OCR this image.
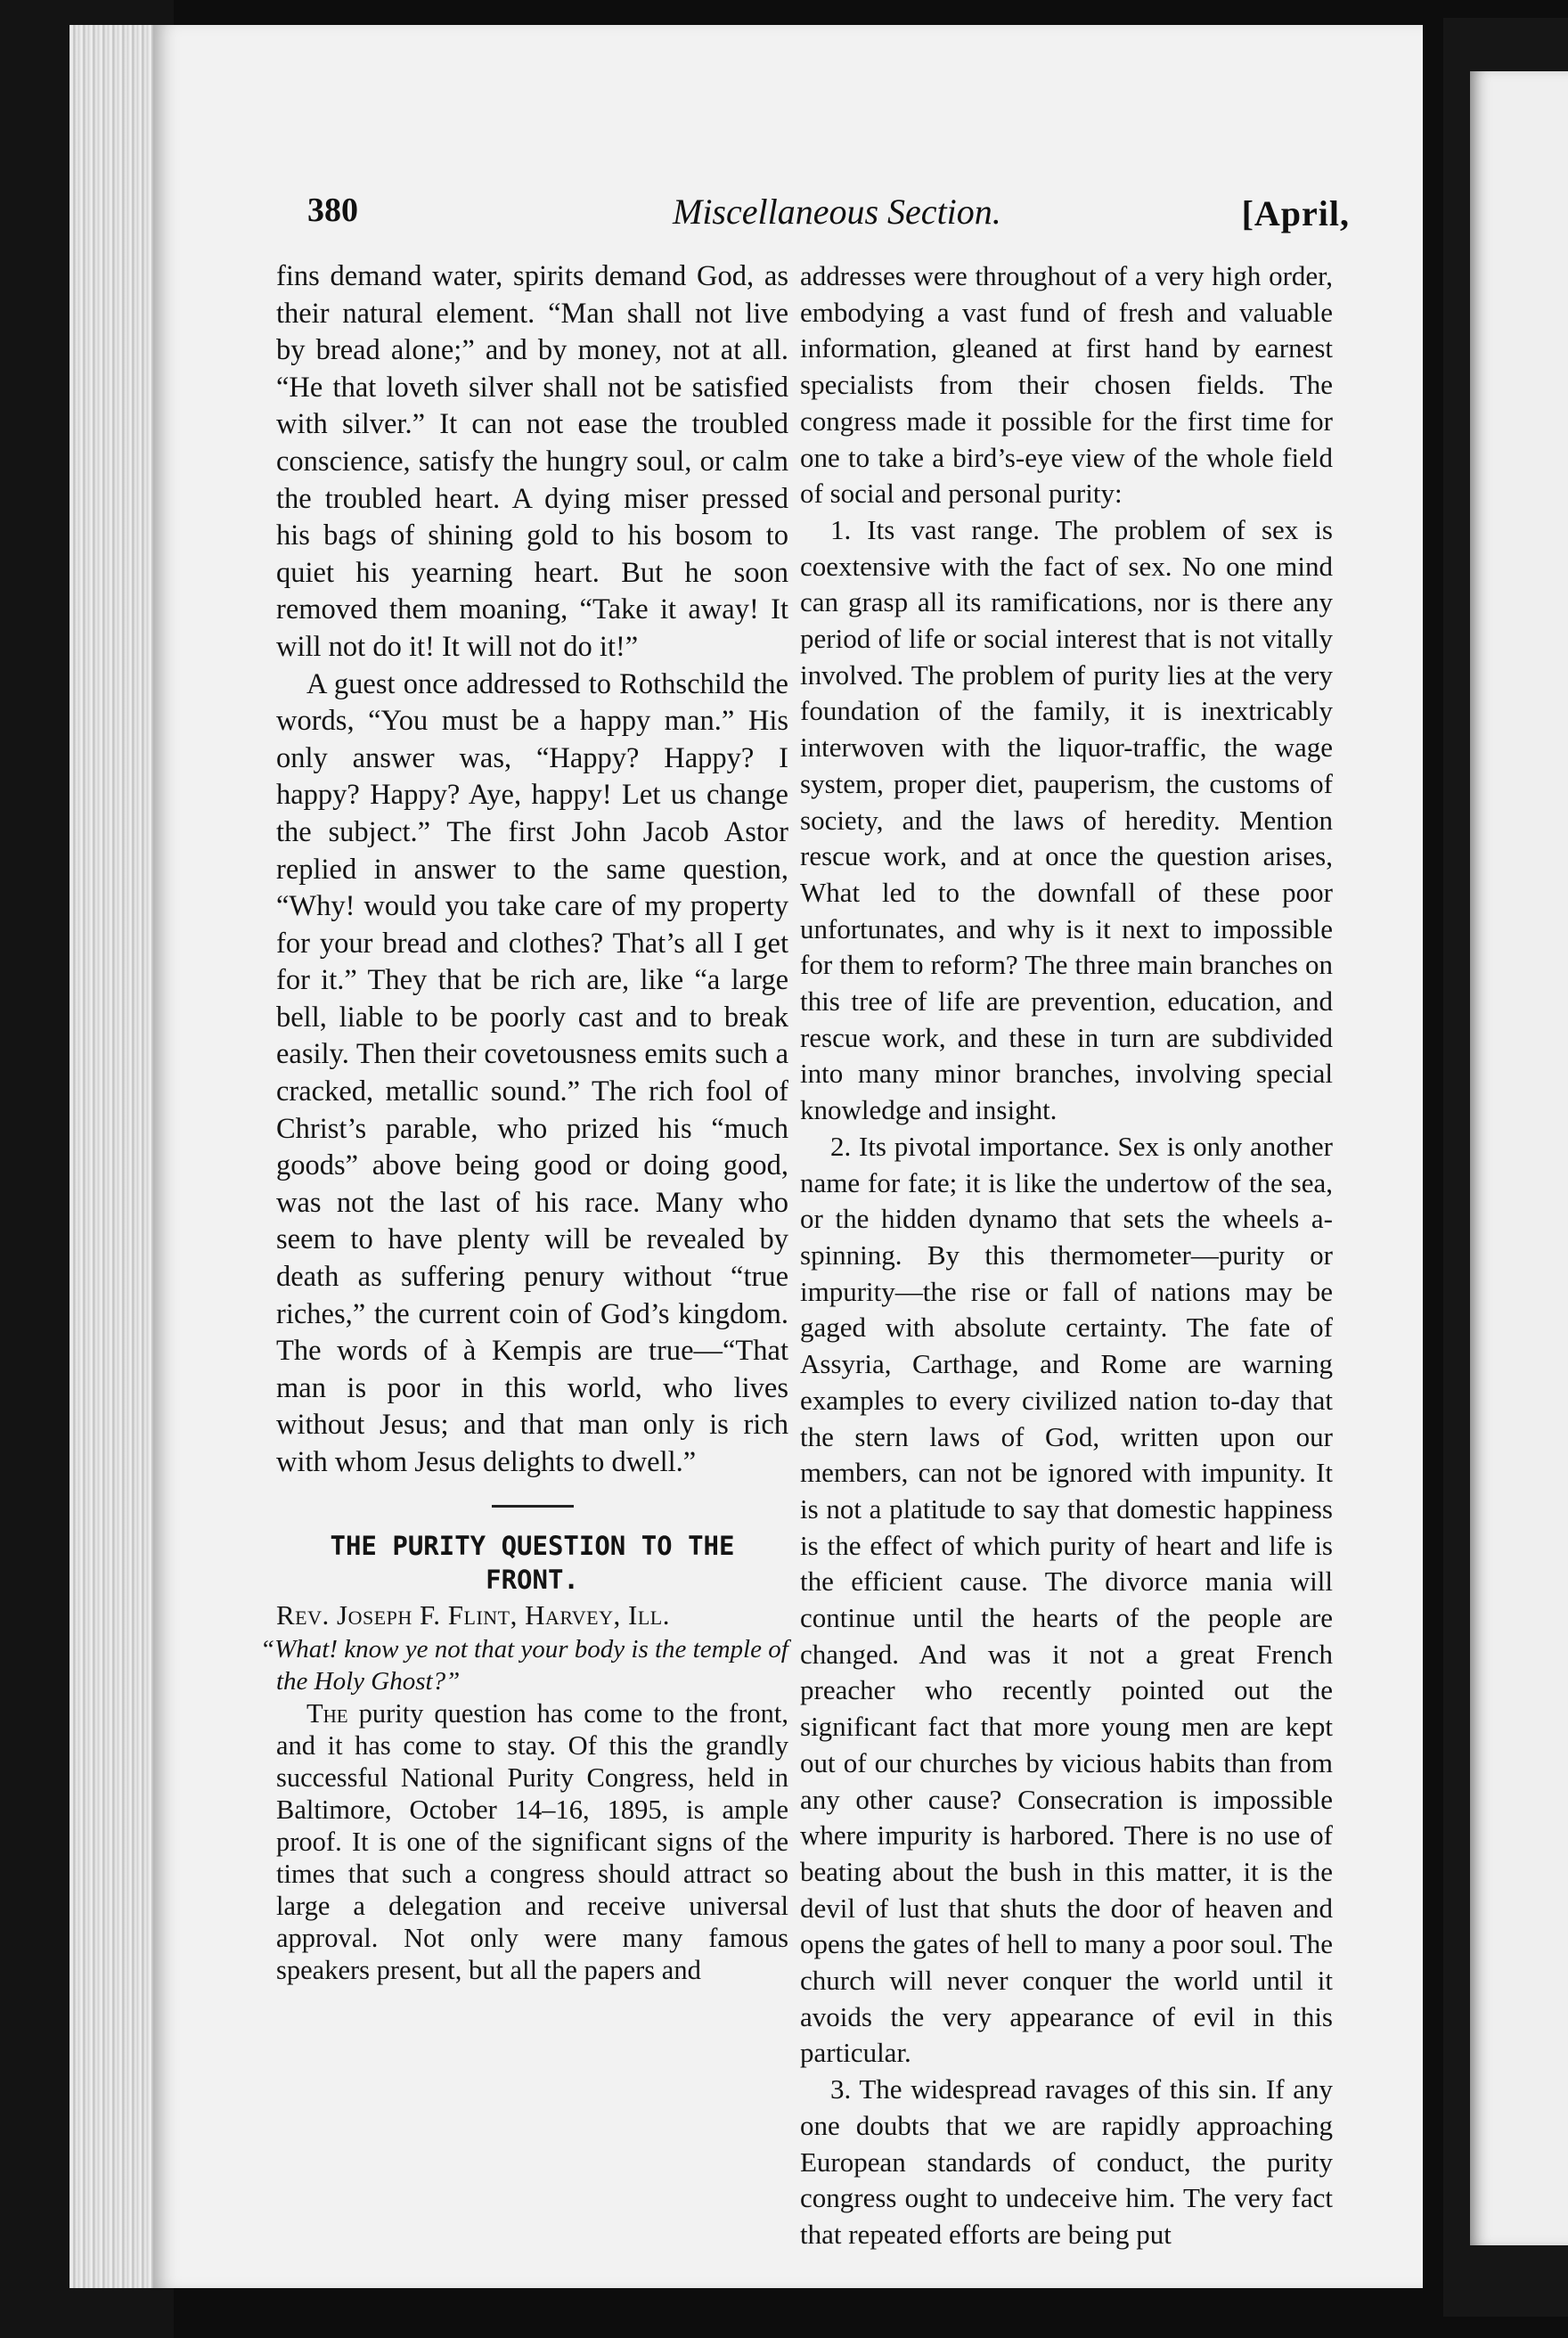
380	Miscellaneous Section.	[April,

fins demand water, spirits demand God, as their natural element. “Man shall not live by bread alone;” and by money, not at all. “He that loveth silver shall not be satisfied with silver.” It can not ease the troubled conscience, satisfy the hungry soul, or calm the troubled heart. A dying miser pressed his bags of shining gold to his bosom to quiet his yearning heart. But he soon removed them moaning, “Take it away! It will not do it! It will not do it!”

A guest once addressed to Rothschild the words, “You must be a happy man.” His only answer was, “Happy? Happy? I happy? Happy? Aye, happy! Let us change the subject.” The first John Jacob Astor replied in answer to the same question, “Why! would you take care of my property for your bread and clothes? That’s all I get for it.” They that be rich are, like “a large bell, liable to be poorly cast and to break easily. Then their covetousness emits such a cracked, metallic sound.” The rich fool of Christ’s parable, who prized his “much goods” above being good or doing good, was not the last of his race. Many who seem to have plenty will be revealed by death as suffering penury without “true riches,” the current coin of God’s kingdom. The words of à Kempis are true—“That man is poor in this world, who lives without Jesus; and that man only is rich with whom Jesus delights to dwell.”

THE PURITY QUESTION TO THE FRONT.

Rev. Joseph F. Flint, Harvey, Ill.

“What! know ye not that your body is the temple of the Holy Ghost?”

The purity question has come to the front, and it has come to stay. Of this the grandly successful National Purity Congress, held in Baltimore, October 14–16, 1895, is ample proof. It is one of the significant signs of the times that such a congress should attract so large a delegation and receive universal approval. Not only were many famous speakers present, but all the papers and

addresses were throughout of a very high order, embodying a vast fund of fresh and valuable information, gleaned at first hand by earnest specialists from their chosen fields. The congress made it possible for the first time for one to take a bird’s-eye view of the whole field of social and personal purity:

1. Its vast range. The problem of sex is coextensive with the fact of sex. No one mind can grasp all its ramifications, nor is there any period of life or social interest that is not vitally involved. The problem of purity lies at the very foundation of the family, it is inextricably interwoven with the liquor-traffic, the wage system, proper diet, pauperism, the customs of society, and the laws of heredity. Mention rescue work, and at once the question arises, What led to the downfall of these poor unfortunates, and why is it next to impossible for them to reform? The three main branches on this tree of life are prevention, education, and rescue work, and these in turn are subdivided into many minor branches, involving special knowledge and insight.

2. Its pivotal importance. Sex is only another name for fate; it is like the undertow of the sea, or the hidden dynamo that sets the wheels a-spinning. By this thermometer—purity or impurity—the rise or fall of nations may be gaged with absolute certainty. The fate of Assyria, Carthage, and Rome are warning examples to every civilized nation to-day that the stern laws of God, written upon our members, can not be ignored with impunity. It is not a platitude to say that domestic happiness is the effect of which purity of heart and life is the efficient cause. The divorce mania will continue until the hearts of the people are changed. And was it not a great French preacher who recently pointed out the significant fact that more young men are kept out of our churches by vicious habits than from any other cause? Consecration is impossible where impurity is harbored. There is no use of beating about the bush in this matter, it is the devil of lust that shuts the door of heaven and opens the gates of hell to many a poor soul. The church will never conquer the world until it avoids the very appearance of evil in this particular.

3. The widespread ravages of this sin. If any one doubts that we are rapidly approaching European standards of conduct, the purity congress ought to undeceive him. The very fact that repeated efforts are being put
